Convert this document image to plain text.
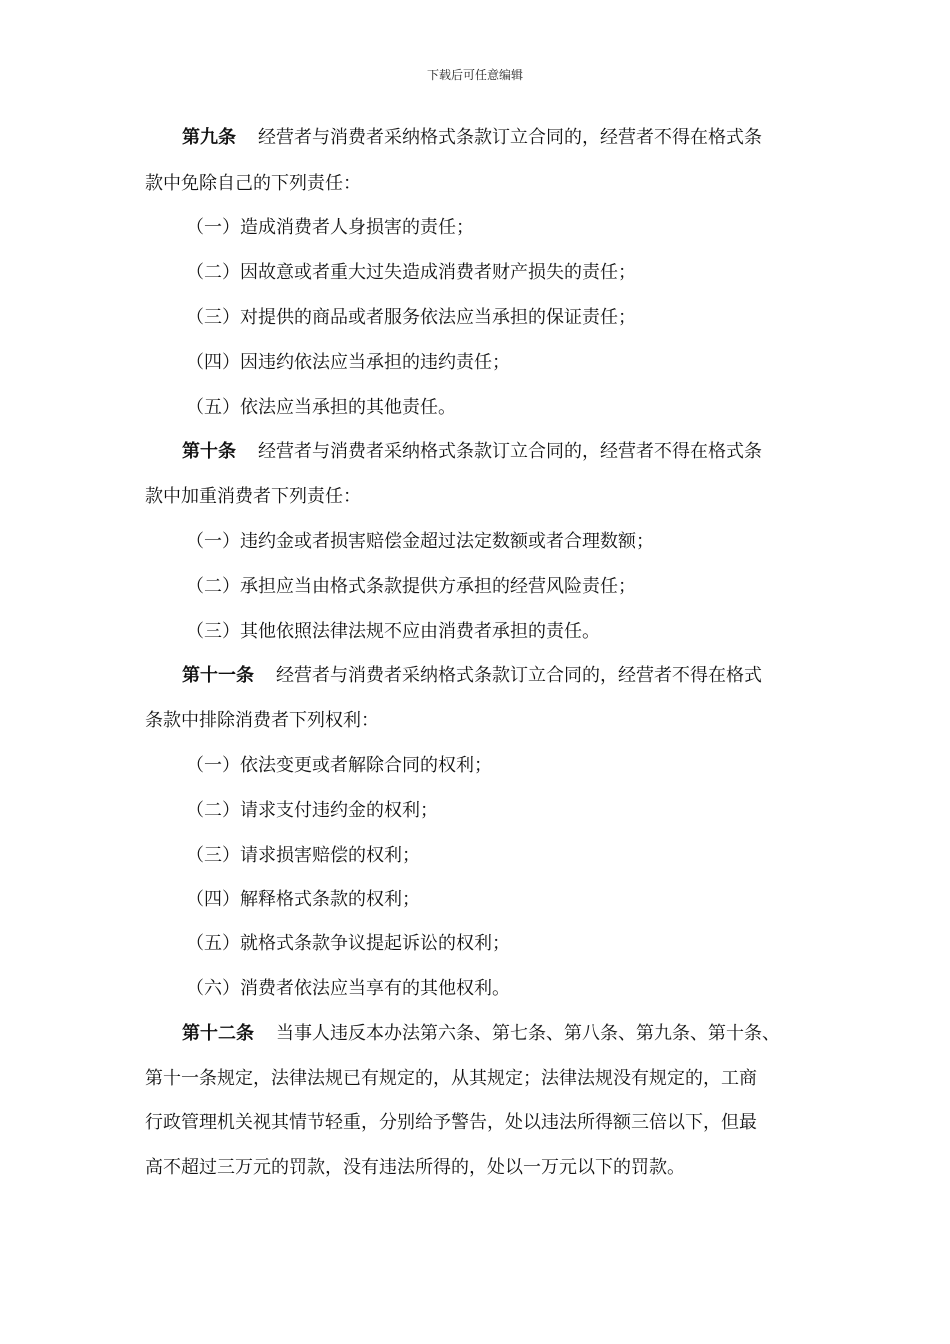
下载后可任意编辑
第九条 经营者与消费者采纳格式条款订立合同的，经营者不得在格式条
款中免除自己的下列责任：
（一）造成消费者人身损害的责任；
（二）因故意或者重大过失造成消费者财产损失的责任；
（三）对提供的商品或者服务依法应当承担的保证责任；
（四）因违约依法应当承担的违约责任；
（五）依法应当承担的其他责任。
第十条 经营者与消费者采纳格式条款订立合同的，经营者不得在格式条
款中加重消费者下列责任：
（一）违约金或者损害赔偿金超过法定数额或者合理数额；
（二）承担应当由格式条款提供方承担的经营风险责任；
（三）其他依照法律法规不应由消费者承担的责任。
第十一条 经营者与消费者采纳格式条款订立合同的，经营者不得在格式
条款中排除消费者下列权利：
（一）依法变更或者解除合同的权利；
（二）请求支付违约金的权利；
（三）请求损害赔偿的权利；
（四）解释格式条款的权利；
（五）就格式条款争议提起诉讼的权利；
（六）消费者依法应当享有的其他权利。
第十二条 当事人违反本办法第六条、第七条、第八条、第九条、第十条、
第十一条规定，法律法规已有规定的，从其规定；法律法规没有规定的，工商
行政管理机关视其情节轻重，分别给予警告，处以违法所得额三倍以下，但最
高不超过三万元的罚款，没有违法所得的，处以一万元以下的罚款。
